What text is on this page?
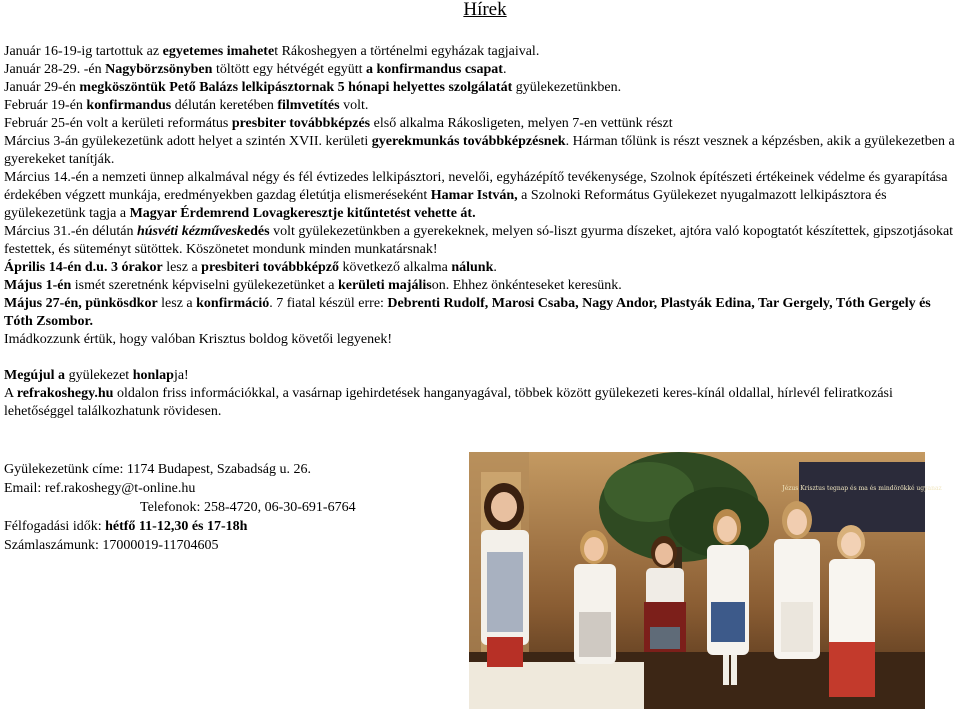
Hírek

Január 16-19-ig tartottuk az egyetemes imahetet Rákoshegyen a történelmi egyházak tagjaival.

Január 28-29. -én Nagybörzsönyben töltött egy hétvégét együtt a konfirmandus csapat.

Január 29-én megköszöntük Pető Balázs lelkipásztornak 5 hónapi helyettes szolgálatát gyülekezetünkben.

Február 19-én konfirmandus délután keretében filmvetítés volt.

Február 25-én volt a kerületi református presbiter továbbképzés első alkalma Rákosligeten, melyen 7-en vettünk részt

Március 3-án gyülekezetünk adott helyet a szintén XVII. kerületi gyerekmunkás továbbképzésnek. Hárman tőlünk is részt vesznek a képzésben, akik a gyülekezetben a gyerekeket tanítják.

Március 14.-én a nemzeti ünnep alkalmával négy és fél évtizedes lelkipásztori, nevelői, egyházépítő tevékenysége, Szolnok építészeti értékeinek védelme és gyarapítása érdekében végzett munkája, eredményekben gazdag életútja elismeréseként Hamar István, a Szolnoki Református Gyülekezet nyugalmazott lelkipásztora és gyülekezetünk tagja a Magyar Érdemrend Lovagkeresztje kitűntetést vehette át.

Március 31.-én délután húsvéti kézműveskedés volt gyülekezetünkben a gyerekeknek, melyen só-liszt gyurma díszeket, ajtóra való kopogtatót készítettek, gipszotjásokat festettek, és süteményt sütöttek. Köszönetet mondunk minden munkatársnak!

Április 14-én d.u. 3 órakor lesz a presbiteri továbbképző következő alkalma nálunk.

Május 1-én ismét szeretnénk képviselni gyülekezetünket a kerületi majálison. Ehhez önkénteseket keresünk.

Május 27-én, pünkösdkor lesz a konfirmáció. 7 fiatal készül erre: Debrenti Rudolf, Marosi Csaba, Nagy Andor, Plastyák Edina, Tar Gergely, Tóth Gergely és Tóth Zsombor.

Imádkozzunk értük, hogy valóban Krisztus boldog követői legyenek!

Megújul a gyülekezet honlapja!

A refrakoshegy.hu oldalon friss információkkal, a vasárnap igehirdetések hanganyagával, többek között gyülekezeti keres-kínál oldallal, hírlevél feliratkozási lehetőséggel találkozhatunk rövidesen.

Gyülekezetünk címe: 1174 Budapest, Szabadság u. 26.

Email: ref.rakoshegy@t-online.hu

Telefonok: 258-4720, 06-30-691-6764

Félfogadási idők: hétfő 11-12,30 és 17-18h

Számlaszámunk: 17000019-11704605

Jézus Krisztus tegnap és ma és mindörökké ugyanaz
